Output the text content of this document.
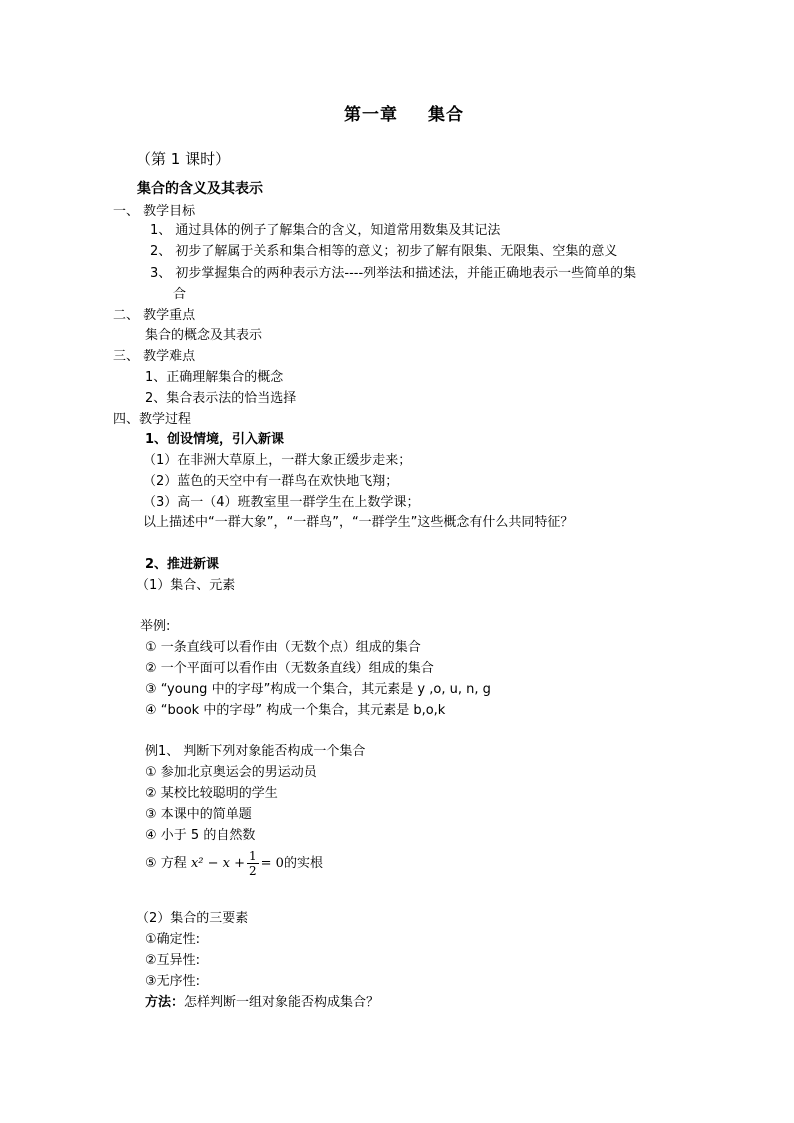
第一章 集合
（第 1 课时）
集合的含义及其表示
一、 教学目标
1、 通过具体的例子了解集合的含义，知道常用数集及其记法
2、 初步了解属于关系和集合相等的意义；初步了解有限集、无限集、空集的意义
3、 初步掌握集合的两种表示方法----列举法和描述法，并能正确地表示一些简单的集
合
二、 教学重点
集合的概念及其表示
三、 教学难点
1、正确理解集合的概念
2、集合表示法的恰当选择
四、教学过程
1、创设情境，引入新课
（1）在非洲大草原上，一群大象正缓步走来；
（2）蓝色的天空中有一群鸟在欢快地飞翔；
（3）高一（4）班教室里一群学生在上数学课；
以上描述中“一群大象”，“一群鸟”，“一群学生”这些概念有什么共同特征？
2、推进新课
（1）集合、元素
举例:
① 一条直线可以看作由（无数个点）组成的集合
② 一个平面可以看作由（无数条直线）组成的集合
③ “young 中的字母”构成一个集合，其元素是 y ,o, u, n, g
④ “book 中的字母” 构成一个集合，其元素是 b,o,k
例1、 判断下列对象能否构成一个集合
① 参加北京奥运会的男运动员
② 某校比较聪明的学生
③ 本课中的简单题
④ 小于 5 的自然数
⑤ 方程 $x^2 - x + \frac{1}{2} = 0$的实根
（2）集合的三要素
①确定性:
②互异性:
③无序性:
方法：怎样判断一组对象能否构成集合？
